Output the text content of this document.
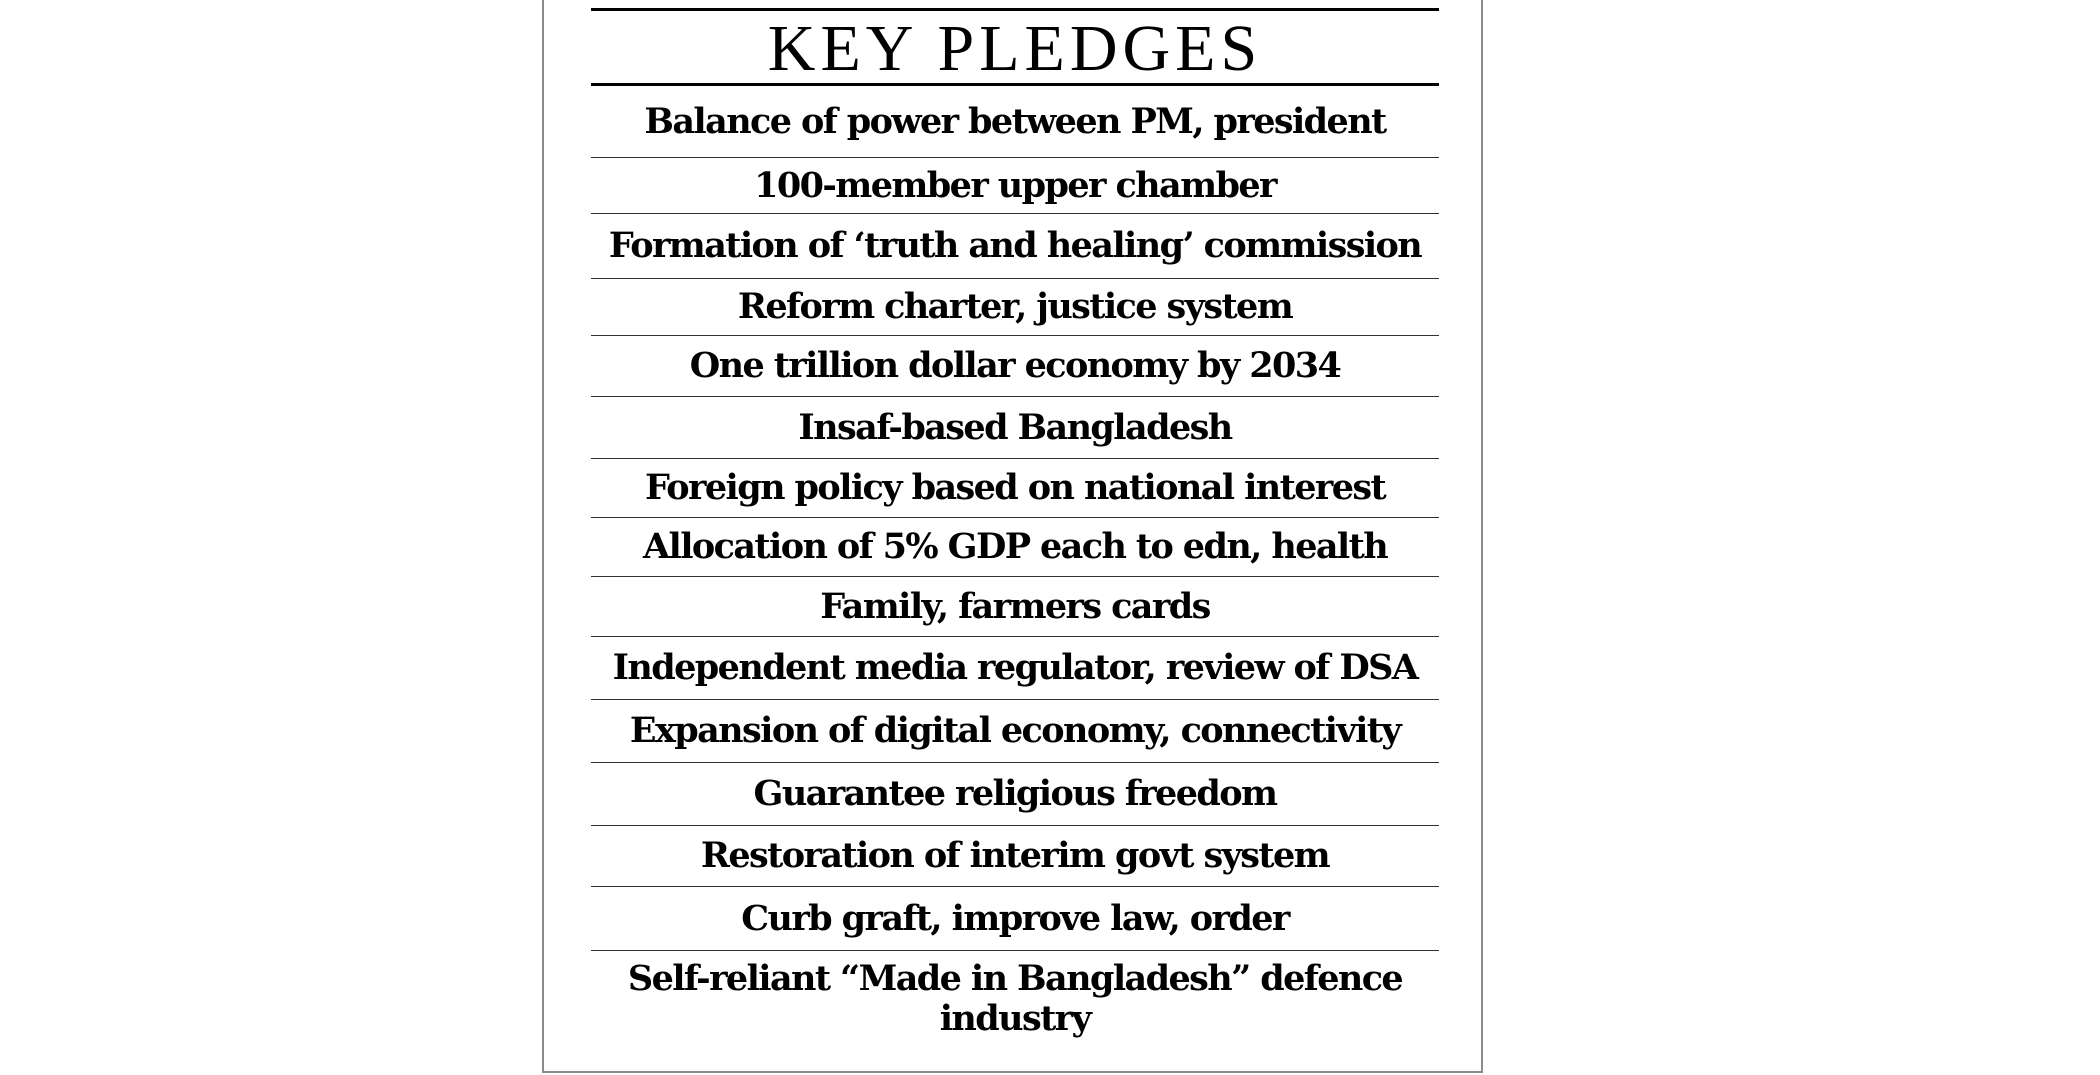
KEY PLEDGES
Balance of power between PM, president
100-member upper chamber
Formation of ‘truth and healing’ commission
Reform charter, justice system
One trillion dollar economy by 2034
Insaf-based Bangladesh
Foreign policy based on national interest
Allocation of 5% GDP each to edn, health
Family, farmers cards
Independent media regulator, review of DSA
Expansion of digital economy, connectivity
Guarantee religious freedom
Restoration of interim govt system
Curb graft, improve law, order
Self-reliant “Made in Bangladesh” defence industry
